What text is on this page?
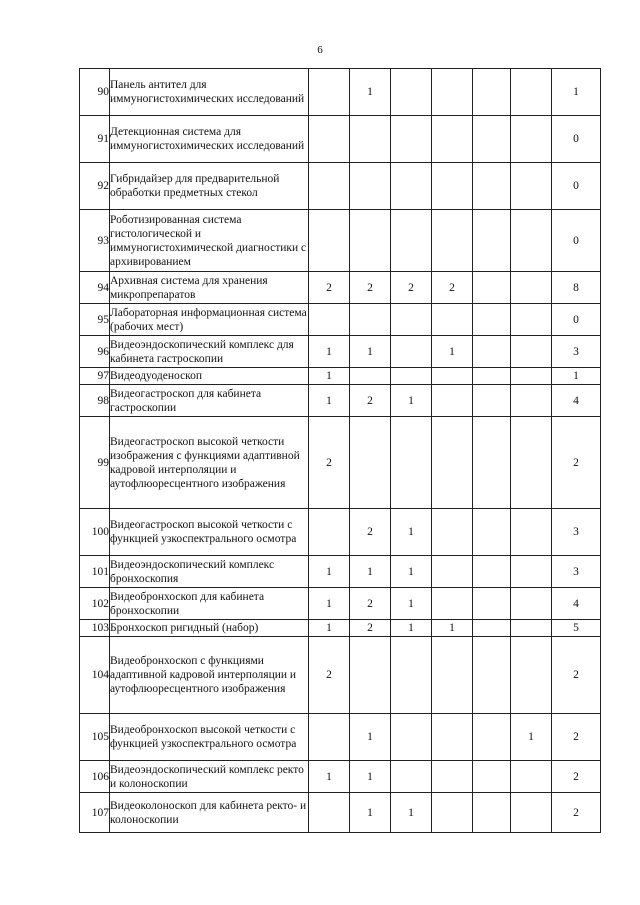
6
90	Панель антител для иммуногистохимических исследований		1					1
91	Детекционная система для иммуногистохимических исследований							0
92	Гибридайзер для предварительной обработки предметных стекол							0
93	Роботизированная система гистологической и иммуногистохимической диагностики с архивированием							0
94	Архивная система для хранения микропрепаратов	2	2	2	2			8
95	Лабораторная информационная система (рабочих мест)							0
96	Видеоэндоскопический комплекс для кабинета гастроскопии	1	1		1			3
97	Видеодуоденоскоп	1						1
98	Видеогастроскоп для кабинета гастроскопии	1	2	1				4
99	Видеогастроскоп высокой четкости изображения с функциями адаптивной кадровой интерполяции и аутофлюоресцентного изображения	2						2
100	Видеогастроскоп высокой четкости с функцией узкоспектрального осмотра		2	1				3
101	Видеоэндоскопический комплекс бронхоскопия	1	1	1				3
102	Видеобронхоскоп для кабинета бронхоскопии	1	2	1				4
103	Бронхоскоп ригидный (набор)	1	2	1	1			5
104	Видеобронхоскоп с функциями адаптивной кадровой интерполяции и аутофлюоресцентного изображения	2						2
105	Видеобронхоскоп высокой четкости с функцией узкоспектрального осмотра		1				1	2
106	Видеоэндоскопический комплекс ректо и колоноскопии	1	1					2
107	Видеоколоноскоп для кабинета ректо- и колоноскопии		1	1				2
